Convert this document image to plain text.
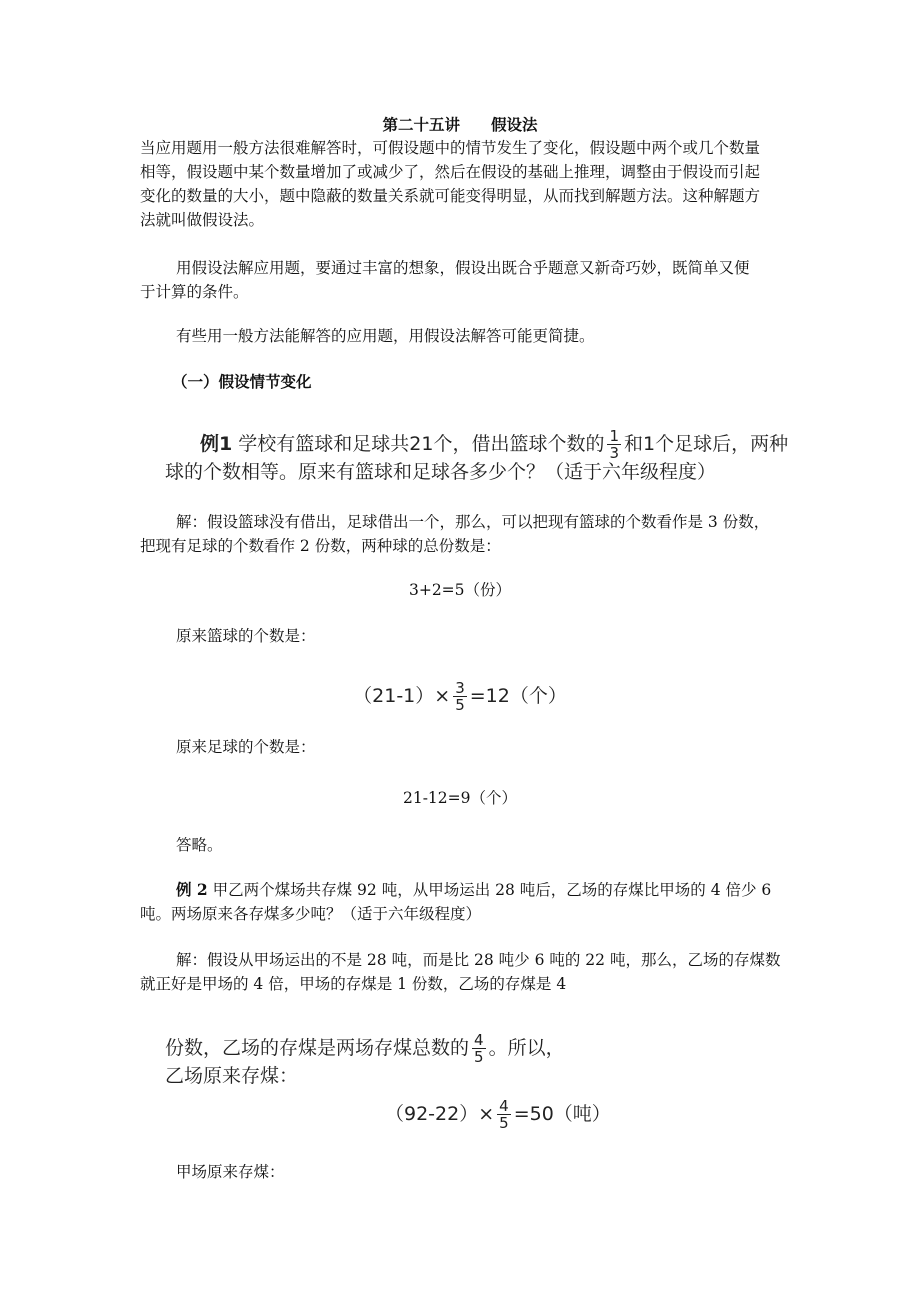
第二十五讲　　假设法
当应用题用一般方法很难解答时，可假设题中的情节发生了变化，假设题中两个或几个数量
相等，假设题中某个数量增加了或减少了，然后在假设的基础上推理，调整由于假设而引起
变化的数量的大小，题中隐蔽的数量关系就可能变得明显，从而找到解题方法。这种解题方
法就叫做假设法。
用假设法解应用题，要通过丰富的想象，假设出既合乎题意又新奇巧妙，既简单又便
于计算的条件。
有些用一般方法能解答的应用题，用假设法解答可能更简捷。
（一）假设情节变化
例1 学校有篮球和足球共21个，借出篮球个数的 $\frac{1}{3}$ 和1个足球后，两种
球的个数相等。原来有篮球和足球各多少个？（适于六年级程度）
解：假设篮球没有借出，足球借出一个，那么，可以把现有篮球的个数看作是 3 份数，
把现有足球的个数看作 2 份数，两种球的总份数是：
3+2=5（份）
原来篮球的个数是：
$(21-1)\times \frac{3}{5} =12$（个）
原来足球的个数是：
21-12=9（个）
答略。
例 2 甲乙两个煤场共存煤 92 吨，从甲场运出 28 吨后，乙场的存煤比甲场的 4 倍少 6
吨。两场原来各存煤多少吨？（适于六年级程度）
解：假设从甲场运出的不是 28 吨，而是比 28 吨少 6 吨的 22 吨，那么，乙场的存煤数
就正好是甲场的 4 倍，甲场的存煤是 1 份数，乙场的存煤是 4
份数，乙场的存煤是两场存煤总数的 $\frac{4}{5}$ 。所以，
乙场原来存煤：
$(92-22)\times \frac{4}{5} =50$（吨）
甲场原来存煤：
